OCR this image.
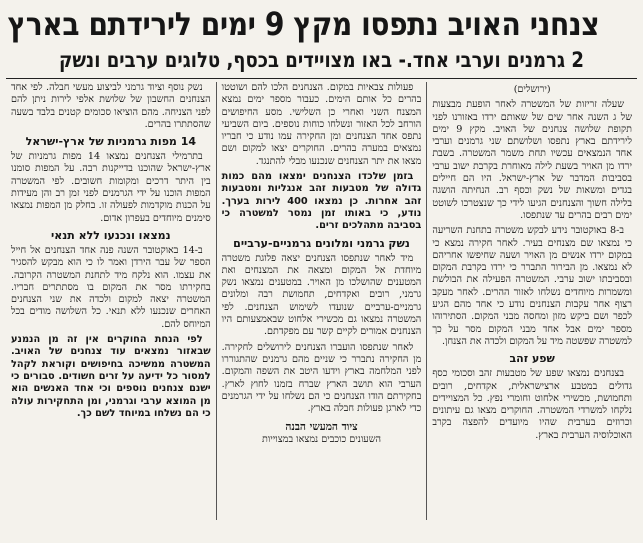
צנחני האויב נתפסו מקץ 9 ימים לירידתם בארץ
2 גרמנים וערבי אחד.- באו מצויידים בכסף, טלוגים ערבים ונשק
(ירושלים)

שעלה זריזות של המשטרה לאחר הופעת מבצעות של ג השנה אחר שים של שאותם ירדו באזורנו לפני תקופת שלושה צנחנים של האויב. מקץ 9 ימים לירידתם בארץ נתפסו ושלושתם שני גרמנים וערבי אחד הנמצאים עכשיו תחת משמר המשטרה. בשבת ירדו מן האויר בשעת לילה מאוחרת בקרבת ישוב ערבי בסביבות המדבר של ארץ-ישראל. היו הם חיילים בגדים ומשאות של נשק וכסף רב. הנחיתה הושגה בלילה חשוך והצנחנים הגיעו לידי כך שנצטרכו לשוטט ימים רבים בהרים עד שנתפסו.

ב-8 באוקטובר נידע לבקש משטרה בתחנת השריעה כי נמצאו שם מצנחים בעיר. לאחר חקירה נמצא כי במקום ירדו אנשים מן האויר ושעה שחיפשו אחריהם לא נמצאו. מן הבירור התברר כי ירדו בקרבת המקום ובסביבתו ישוב ערבי. המשטרה הפעילה את הבולשת ומשמרות מיוחדים נשלחו לאזור ההרים. לאחר מעקב רצוף אחר עקבות הצנחנים נודע כי אחד מהם הגיע לכפר ושם ביקש מזון ומחסה מבני המקום. הסתירוהו מספר ימים אבל אחד מבני המקום מסר על כך למשטרה שפשטה מיד על המקום ולכדה את הצנחן.

שפע זהב

בצנחנים נמצאו שפע של מטבעות זהב וסכומי כסף גדולים במטבע ארצישראלית, אקדחים, רובים ותחמושת, מכשירי אלחוט וחומרי נפץ. כל המצויידים נלקחו למשרדי המשטרה. החוקרים מצאו גם עיתונים וכרוזים בערבית שהיו מיועדים להפצה בקרב האוכלוסיה הערבית בארץ.

פעולות צבאיות במקום. הצנחנים הלכו להם ושוטטו בהרים כל אותם הימים. כעבור מספר ימים נמצא המצנח השני ואחרי כן השלישי. מסע החיפושים הורחב לכל האזור ונשלחו כוחות נוספים. ביום השביעי נתפס אחד הצנחנים ומן החקירה עמו נודע כי חבריו נמצאים במערה בהרים. החוקרים יצאו למקום ושם מצאו את יתר הצנחנים שנכנעו מבלי להתנגד.

בזמן שלכדו הצנחנים ימצאו מהם כמות גדולה של מטבעות זהב אנגליות ומטבעות זהב אחרות. כן נמצאו 400 לירות בערך. נודע, כי באותו זמן נמסר למשטרה כי בסביבה מתהלכים זרים.

נשק גרמני ומלונים גרמניים-ערביים

מיד לאחר שנתפסו הצנחנים יצאה פלוגת משטרה מיוחדת אל המקום ומצאה את המצנחים ואת המטענים שהושלכו מן האויר. במטענים נמצאו נשק גרמני, רובים ואקדחים, תחמושת רבה ומלונים גרמניים-ערביים שנועדו לשימוש הצנחנים. לפי המשטרה נמצאו גם מכשירי אלחוט שבאמצעותם היו הצנחנים אמורים לקיים קשר עם מפקדתם.

לאחר שנתפסו הועברו הצנחנים לירושלים לחקירה. מן החקירה נתברר כי שניים מהם גרמנים שהתגוררו לפני המלחמה בארץ וידעו היטב את השפה והמקום. הערבי הוא תושב הארץ שברח בזמנו לחוץ לארץ. בחקירתם הודו הצנחנים כי הם נשלחו על ידי הגרמנים כדי לארגן פעולות חבלה בארץ.

ציוד המעשי הבנה
השעונים כוכבים נמצאו במצוייות

נשק נוסף וציוד גרמני לביצוע מעשי חבלה. לפי אחד הצנחנים החשבון של שלושת אלפי לירות ניתן להם לפני הצניחה. מהם הוציאו סכומים קטנים בלבד בשעה שהסתתרו בהרים.

14 מפות גרמניות של ארץ-ישראל

בתרמילי הצנחנים נמצאו 14 מפות גרמניות של ארץ-ישראל שהוכנו בדייקנות רבה. על המפות סומנו בין היתר דרכים ומקומות חשובים. לפי המשטרה המפות הוכנו על ידי הגרמנים לפני זמן רב והן מעידות על הכנות מוקדמות לפעולה זו. בחלק מן המפות נמצאו סימנים מיוחדים בעפרון אדום.

נמצאו ונכנעו ללא תנאי

ב-14 באוקטובר השנה פנה אחד הצנחנים אל חייל הספר של עבר הירדן ואמר לו כי הוא מבקש להסגיר את עצמו. הוא נלקח מיד לתחנת המשטרה הקרובה. בחקירתו מסר את המקום בו מסתתרים חבריו. המשטרה יצאה למקום ולכדה את שני הצנחנים האחרים שנכנעו ללא תנאי. כל השלושה מודים בכל המיוחס להם.

לפי הנחת החוקרים אין זה מן הנמנע שבאזור נמצאים עוד צנחנים של האויב. המשטרה ממשיכה בחיפושים וקוראת לקהל למסור כל ידיעה על זרים חשודים. סבורים כי ישנם צנחנים נוספים וכי אחד האנשים הוא מן המוצא ערבי וגרמני, ומן התחקירות עולה כי הם נשלחו במיוחד לשם כך.
